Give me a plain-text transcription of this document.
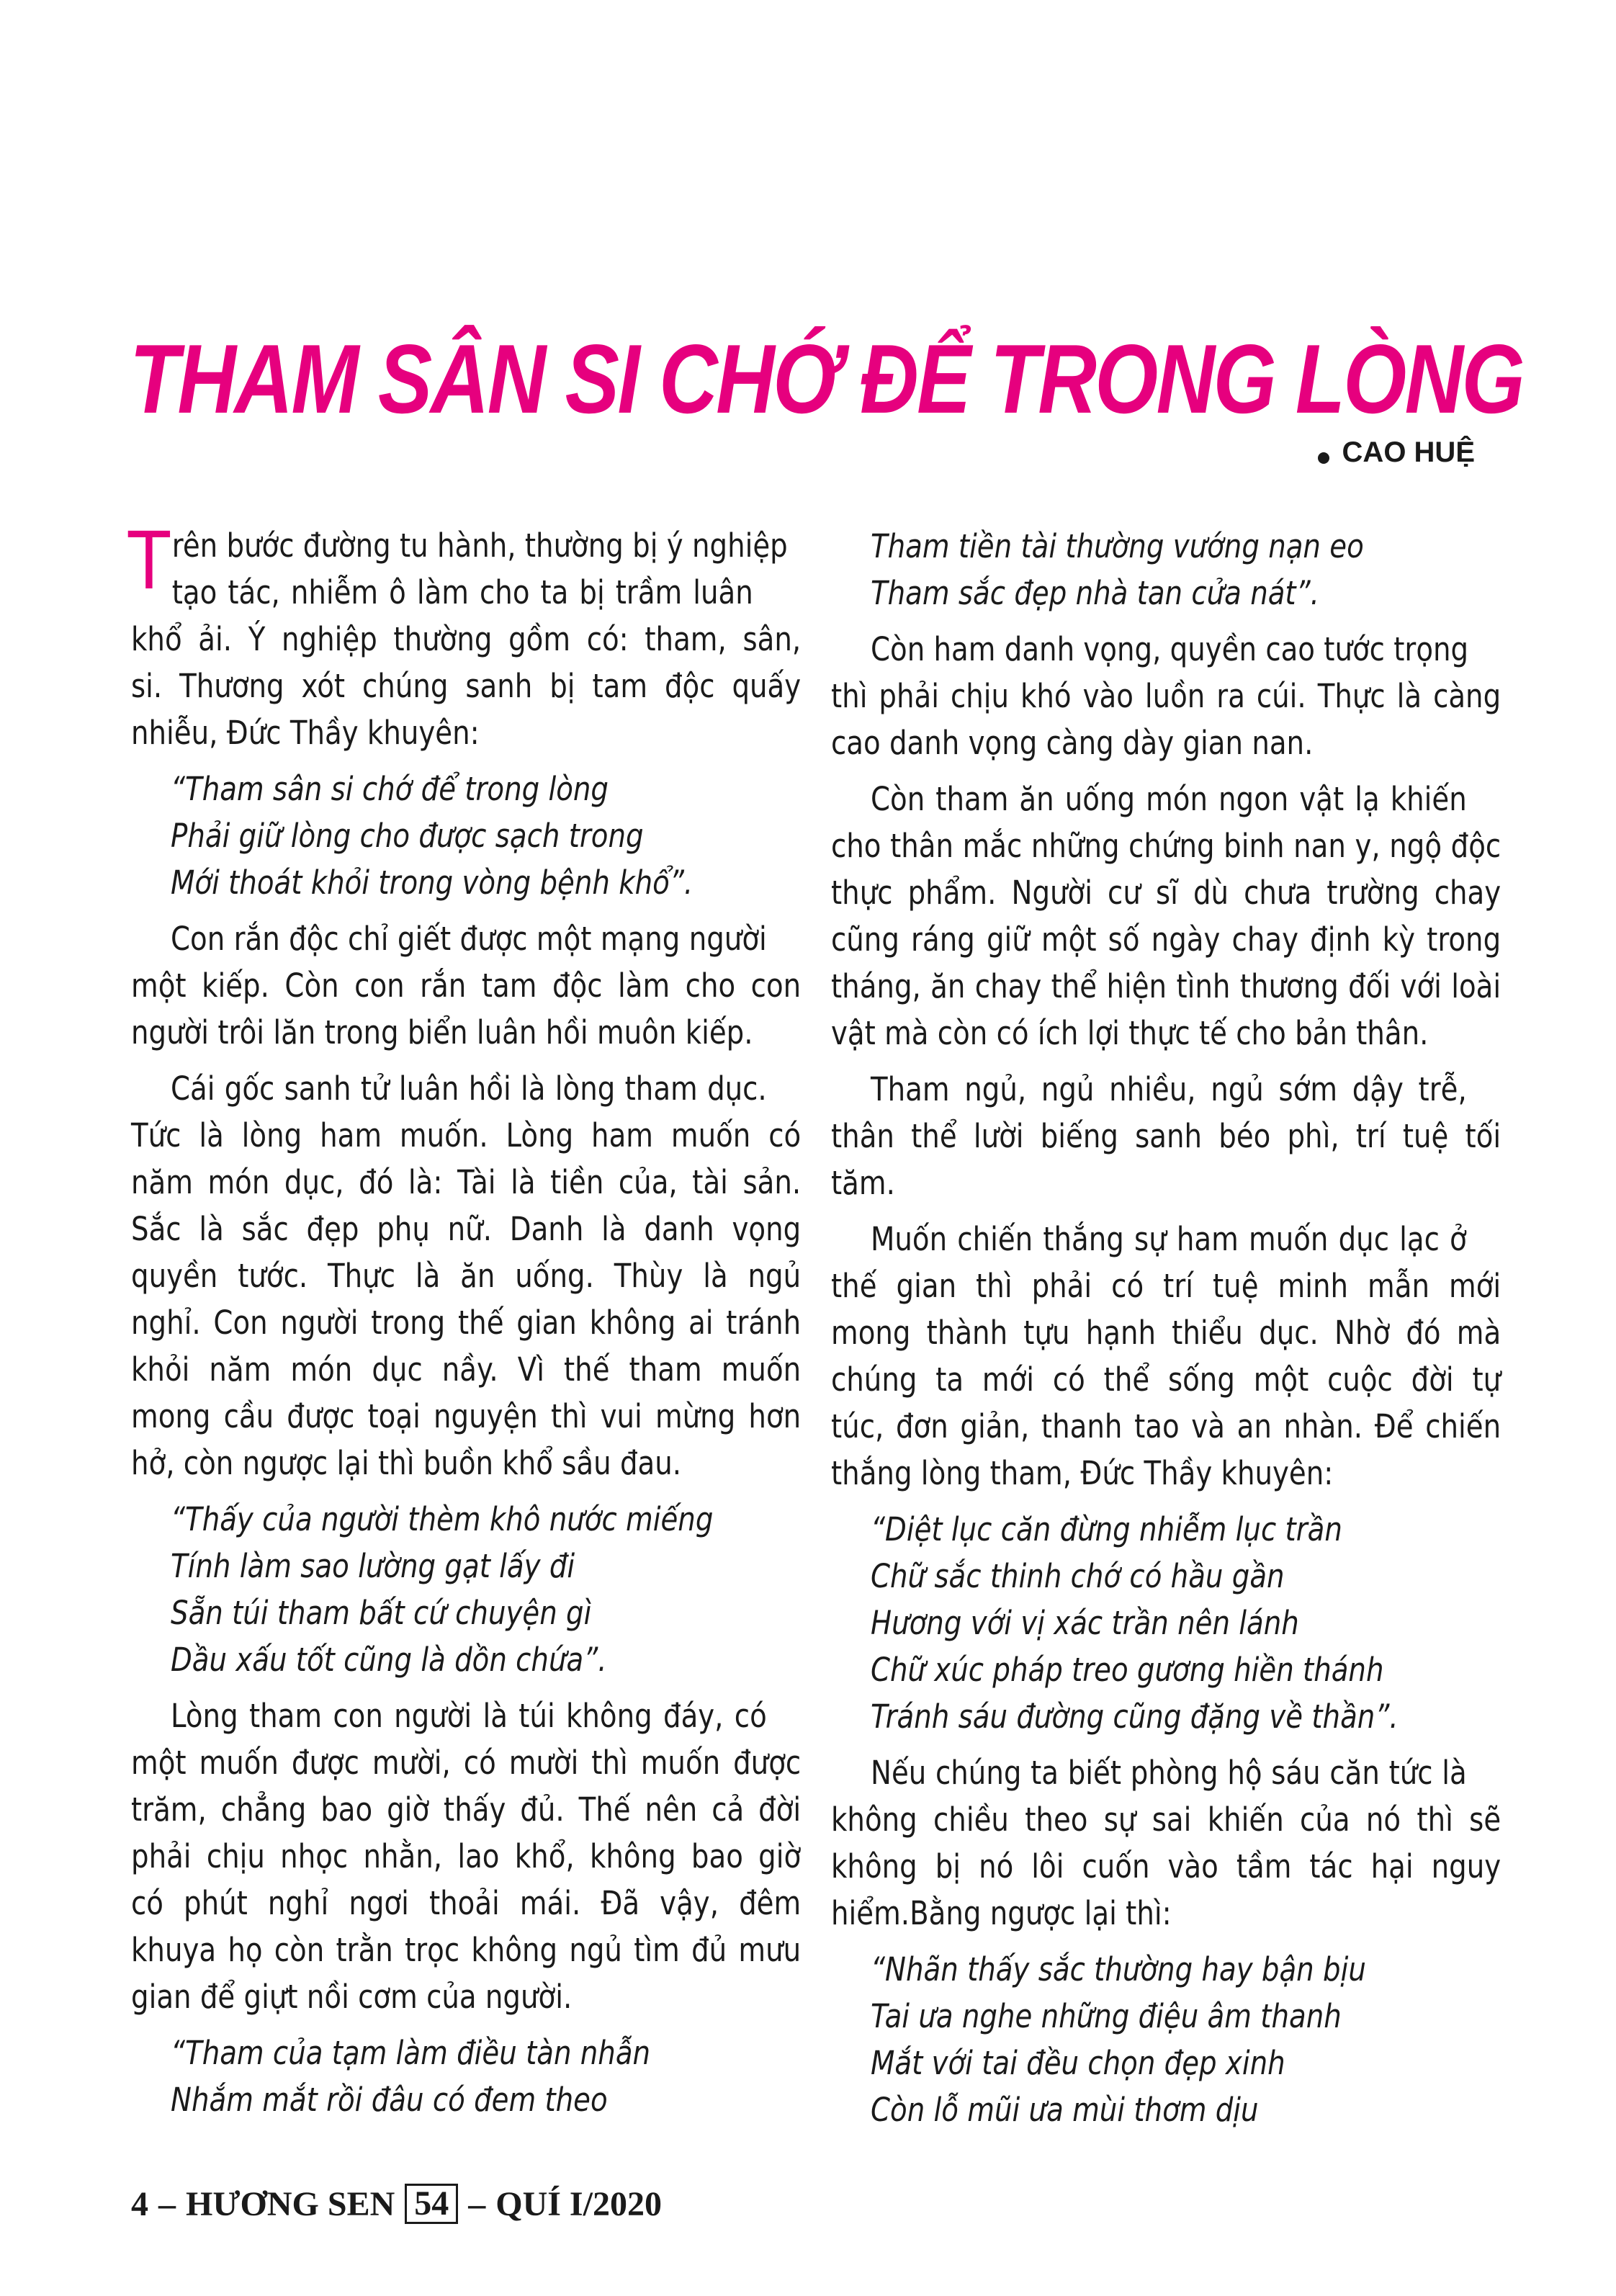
THAM SÂN SI CHỚ ĐỂ TRONG LÒNG
CAO HUỆ
T rên bước đường tu hành, thường bị ý nghiệp
tạo tác, nhiễm ô làm cho ta bị trầm luân
khổ ải. Ý nghiệp thường gồm có: tham, sân,
si. Thương xót chúng sanh bị tam độc quấy
nhiễu, Đức Thầy khuyên:
“Tham sân si chớ để trong lòng
Phải giữ lòng cho được sạch trong
Mới thoát khỏi trong vòng bệnh khổ”.
Con rắn độc chỉ giết được một mạng người
một kiếp. Còn con rắn tam độc làm cho con
người trôi lăn trong biển luân hồi muôn kiếp.
Cái gốc sanh tử luân hồi là lòng tham dục.
Tức là lòng ham muốn. Lòng ham muốn có
năm món dục, đó là: Tài là tiền của, tài sản.
Sắc là sắc đẹp phụ nữ. Danh là danh vọng
quyền tước. Thực là ăn uống. Thùy là ngủ
nghỉ. Con người trong thế gian không ai tránh
khỏi năm món dục nầy. Vì thế tham muốn
mong cầu được toại nguyện thì vui mừng hơn
hở, còn ngược lại thì buồn khổ sầu đau.
“Thấy của người thèm khô nước miếng
Tính làm sao lường gạt lấy đi
Sẵn túi tham bất cứ chuyện gì
Dầu xấu tốt cũng là dồn chứa”.
Lòng tham con người là túi không đáy, có
một muốn được mười, có mười thì muốn được
trăm, chẳng bao giờ thấy đủ. Thế nên cả đời
phải chịu nhọc nhằn, lao khổ, không bao giờ
có phút nghỉ ngơi thoải mái. Đã vậy, đêm
khuya họ còn trằn trọc không ngủ tìm đủ mưu
gian để giựt nồi cơm của người.
“Tham của tạm làm điều tàn nhẫn
Nhắm mắt rồi đâu có đem theo
Tham tiền tài thường vướng nạn eo
Tham sắc đẹp nhà tan cửa nát”.
Còn ham danh vọng, quyền cao tước trọng
thì phải chịu khó vào luồn ra cúi. Thực là càng
cao danh vọng càng dày gian nan.
Còn tham ăn uống món ngon vật lạ khiến
cho thân mắc những chứng binh nan y, ngộ độc
thực phẩm. Người cư sĩ dù chưa trường chay
cũng ráng giữ một số ngày chay định kỳ trong
tháng, ăn chay thể hiện tình thương đối với loài
vật mà còn có ích lợi thực tế cho bản thân.
Tham ngủ, ngủ nhiều, ngủ sớm dậy trễ,
thân thể lười biếng sanh béo phì, trí tuệ tối
tăm.
Muốn chiến thắng sự ham muốn dục lạc ở
thế gian thì phải có trí tuệ minh mẫn mới
mong thành tựu hạnh thiểu dục. Nhờ đó mà
chúng ta mới có thể sống một cuộc đời tự
túc, đơn giản, thanh tao và an nhàn. Để chiến
thắng lòng tham, Đức Thầy khuyên:
“Diệt lục căn đừng nhiễm lục trần
Chữ sắc thinh chớ có hầu gần
Hương với vị xác trần nên lánh
Chữ xúc pháp treo gương hiền thánh
Tránh sáu đường cũng đặng về thần”.
Nếu chúng ta biết phòng hộ sáu căn tức là
không chiều theo sự sai khiến của nó thì sẽ
không bị nó lôi cuốn vào tầm tác hại nguy
hiểm.Bằng ngược lại thì:
“Nhãn thấy sắc thường hay bận bịu
Tai ưa nghe những điệu âm thanh
Mắt với tai đều chọn đẹp xinh
Còn lỗ mũi ưa mùi thơm dịu
4 – HƯƠNG SEN 54 – QUÍ I/2020
